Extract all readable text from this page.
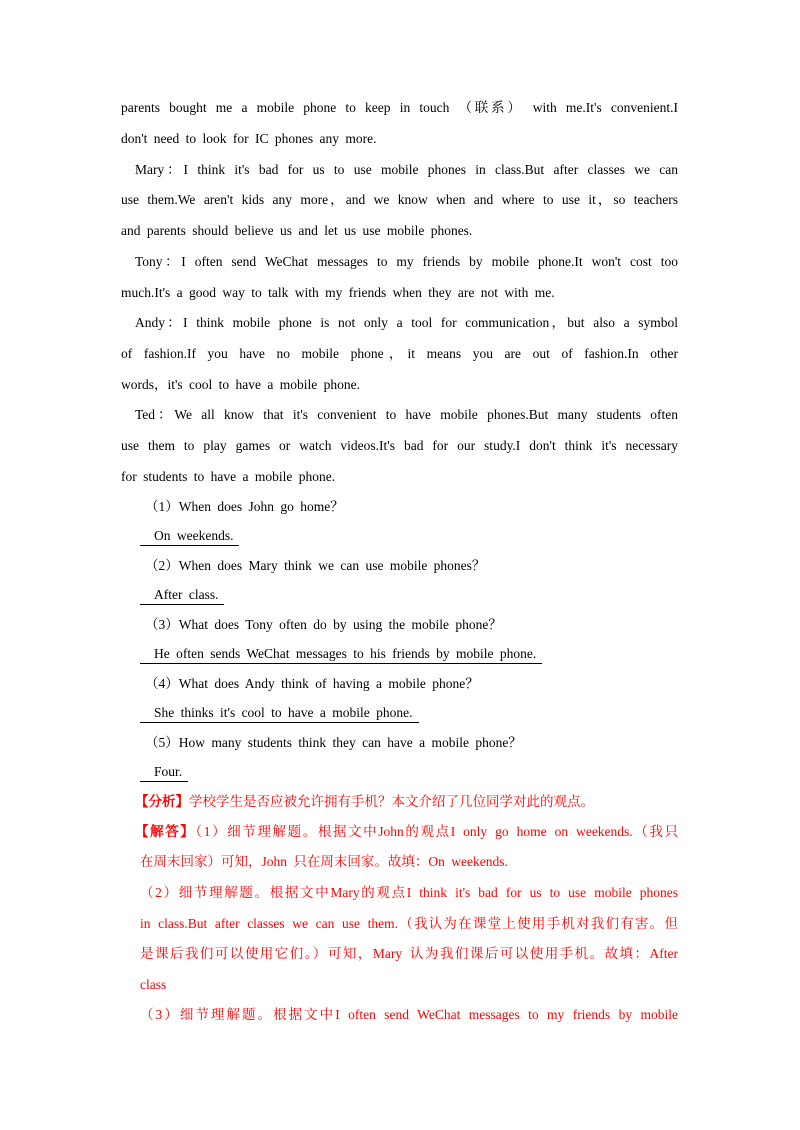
parents bought me a mobile phone to keep in touch （联系） with me.It's convenient.I
don't need to look for IC phones any more.
Mary：I think it's bad for us to use mobile phones in class.But after classes we can
use them.We aren't kids any more，and we know when and where to use it，so teachers
and parents should believe us and let us use mobile phones.
Tony：I often send WeChat messages to my friends by mobile phone.It won't cost too
much.It's a good way to talk with my friends when they are not with me.
Andy：I think mobile phone is not only a tool for communication，but also a symbol
of fashion.If you have no mobile phone，it means you are out of fashion.In other
words，it's cool to have a mobile phone.
Ted：We all know that it's convenient to have mobile phones.But many students often
use them to play games or watch videos.It's bad for our study.I don't think it's necessary
for students to have a mobile phone.
（1）When does John go home？
On weekends.
（2）When does Mary think we can use mobile phones？
After class.
（3）What does Tony often do by using the mobile phone？
He often sends WeChat messages to his friends by mobile phone.
（4）What does Andy think of having a mobile phone？
She thinks it's cool to have a mobile phone.
（5）How many students think they can have a mobile phone？
Four.
【分析】学校学生是否应被允许拥有手机？本文介绍了几位同学对此的观点。
【解答】（1）细节理解题。根据文中John的观点I only go home on weekends.（我只
在周末回家）可知，John 只在周末回家。故填：On weekends.
（2）细节理解题。根据文中Mary的观点I think it's bad for us to use mobile phones
in class.But after classes we can use them.（我认为在课堂上使用手机对我们有害。但
是课后我们可以使用它们。）可知，Mary 认为我们课后可以使用手机。故填：After
class
（3）细节理解题。根据文中I often send WeChat messages to my friends by mobile
